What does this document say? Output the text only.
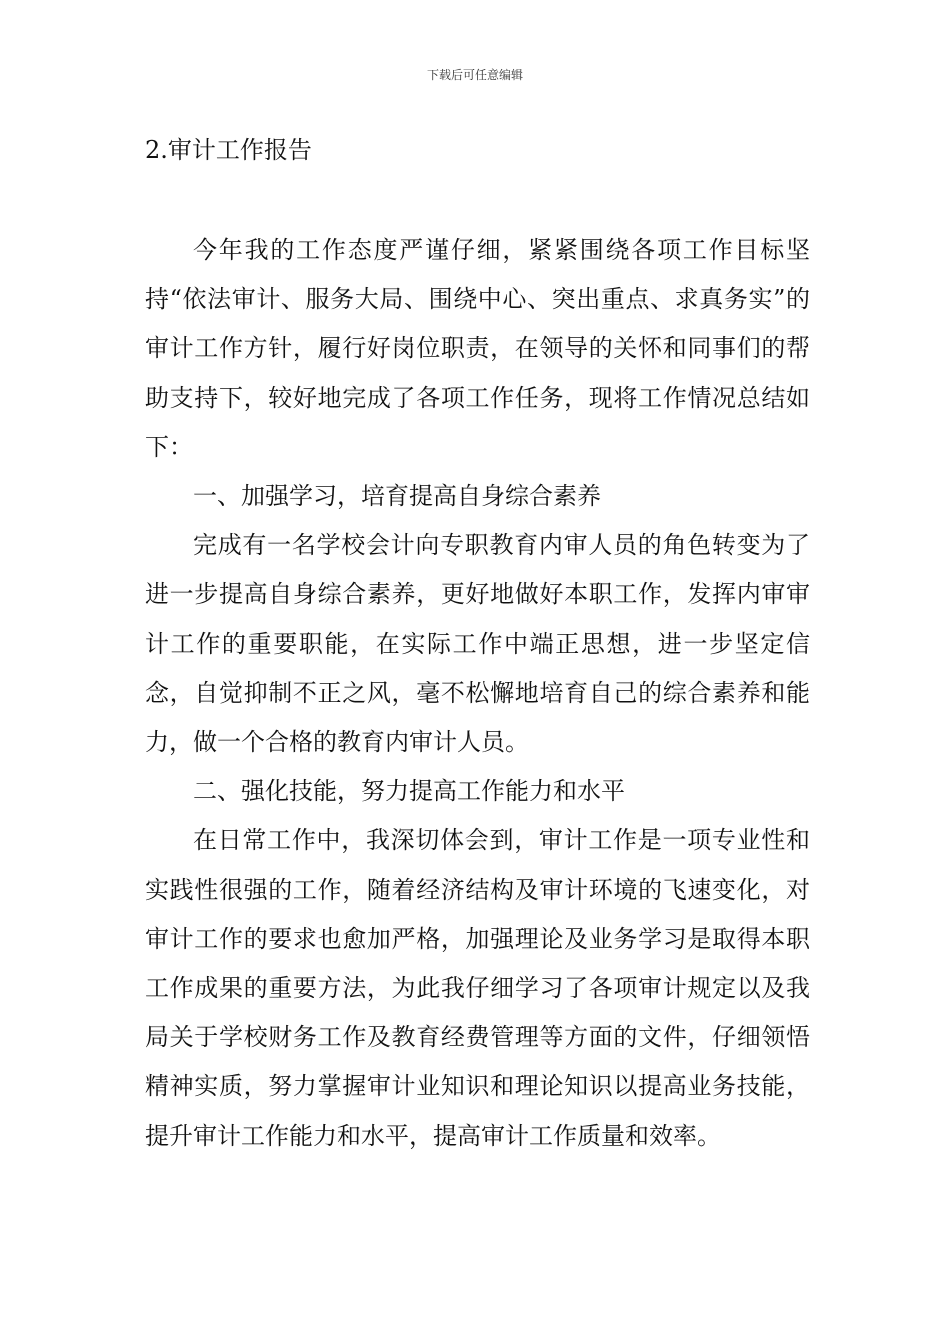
下载后可任意编辑
2.审计工作报告

今年我的工作态度严谨仔细，紧紧围绕各项工作目标坚持“依法审计、服务大局、围绕中心、突出重点、求真务实”的审计工作方针，履行好岗位职责，在领导的关怀和同事们的帮助支持下，较好地完成了各项工作任务，现将工作情况总结如下：

一、加强学习，培育提高自身综合素养

完成有一名学校会计向专职教育内审人员的角色转变为了进一步提高自身综合素养，更好地做好本职工作，发挥内审审计工作的重要职能，在实际工作中端正思想，进一步坚定信念，自觉抑制不正之风，毫不松懈地培育自己的综合素养和能力，做一个合格的教育内审计人员。

二、强化技能，努力提高工作能力和水平

在日常工作中，我深切体会到，审计工作是一项专业性和实践性很强的工作，随着经济结构及审计环境的飞速变化，对审计工作的要求也愈加严格，加强理论及业务学习是取得本职工作成果的重要方法，为此我仔细学习了各项审计规定以及我局关于学校财务工作及教育经费管理等方面的文件，仔细领悟精神实质，努力掌握审计业知识和理论知识以提高业务技能，提升审计工作能力和水平，提高审计工作质量和效率。
